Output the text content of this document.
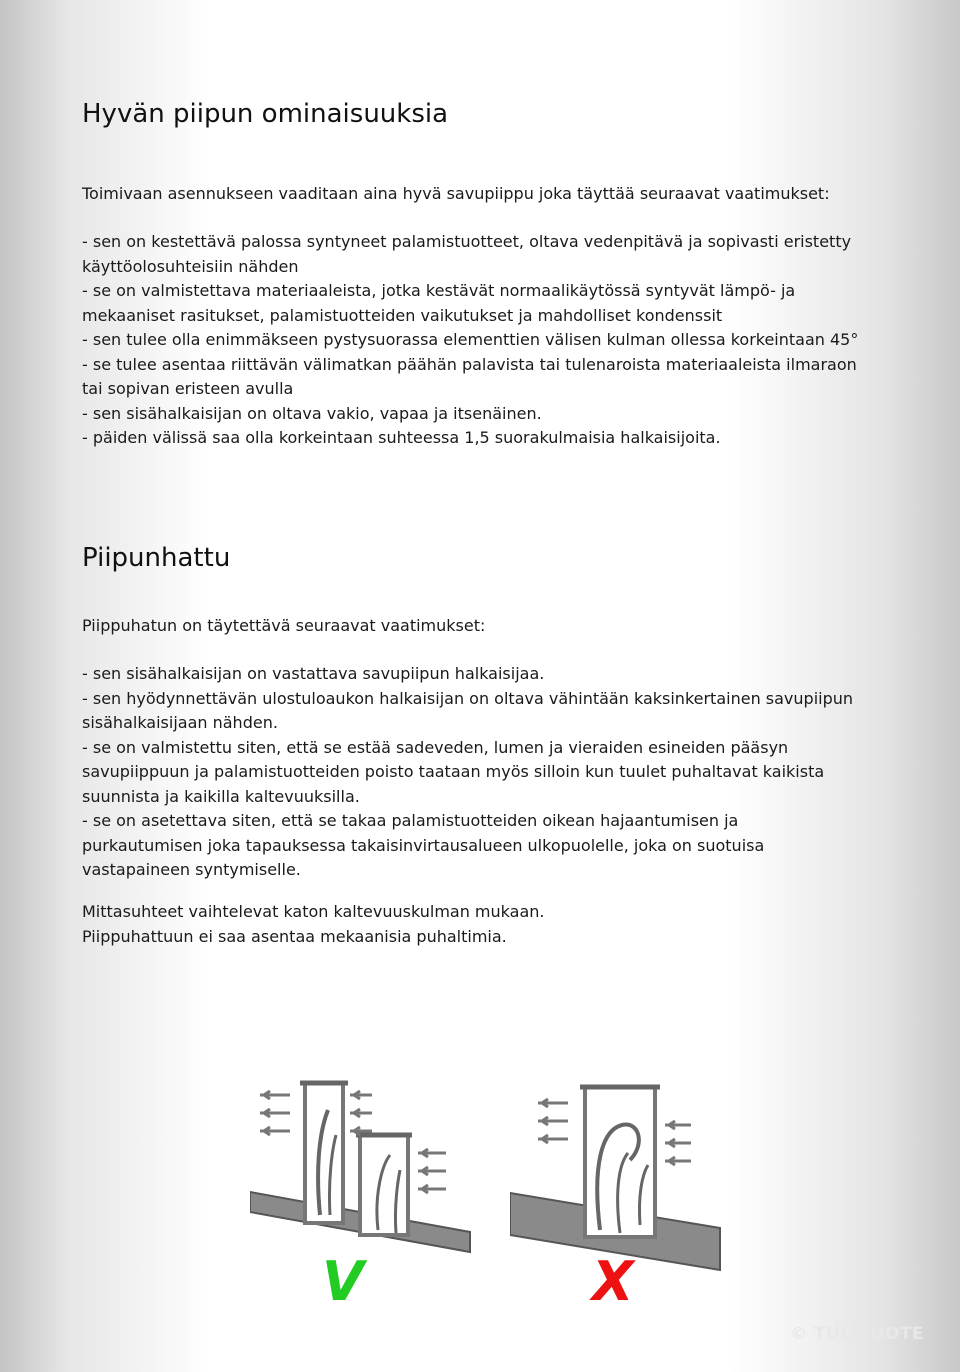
Hyvän piipun ominaisuuksia

Toimivaan asennukseen vaaditaan aina hyvä savupiippu joka täyttää seuraavat vaatimukset:

- sen on kestettävä palossa syntyneet palamistuotteet, oltava vedenpitävä ja sopivasti eristetty
käyttöolosuhteisiin nähden
- se on valmistettava materiaaleista, jotka kestävät normaalikäytössä syntyvät lämpö- ja
mekaaniset rasitukset, palamistuotteiden vaikutukset ja mahdolliset kondenssit
- sen tulee olla enimmäkseen pystysuorassa elementtien välisen kulman ollessa korkeintaan 45°
- se tulee asentaa riittävän välimatkan päähän palavista tai tulenaroista materiaaleista ilmaraon
tai sopivan eristeen avulla
- sen sisähalkaisijan on oltava vakio, vapaa ja itsenäinen.
- päiden välissä saa olla korkeintaan suhteessa 1,5 suorakulmaisia halkaisijoita.
Piipunhattu

Piippuhatun on täytettävä seuraavat vaatimukset:

- sen sisähalkaisijan on vastattava savupiipun halkaisijaa.
- sen hyödynnettävän ulostuloaukon halkaisijan on oltava vähintään kaksinkertainen savupiipun
sisähalkaisijaan nähden.
- se on valmistettu siten, että se estää sadeveden, lumen ja vieraiden esineiden pääsyn
savupiippuun ja palamistuotteiden poisto taataan myös silloin kun tuulet puhaltavat kaikista
suunnista ja kaikilla kaltevuuksilla.
- se on asetettava siten, että se takaa palamistuotteiden oikean hajaantumisen ja
purkautumisen joka tapauksessa takaisinvirtausalueen ulkopuolelle, joka on suotuisa
vastapaineen syntymiselle.
Mittasuhteet vaihtelevat katon kaltevuuskulman mukaan.
Piippuhattuun ei saa asentaa mekaanisia puhaltimia.
V	X
© TULITUOTE
